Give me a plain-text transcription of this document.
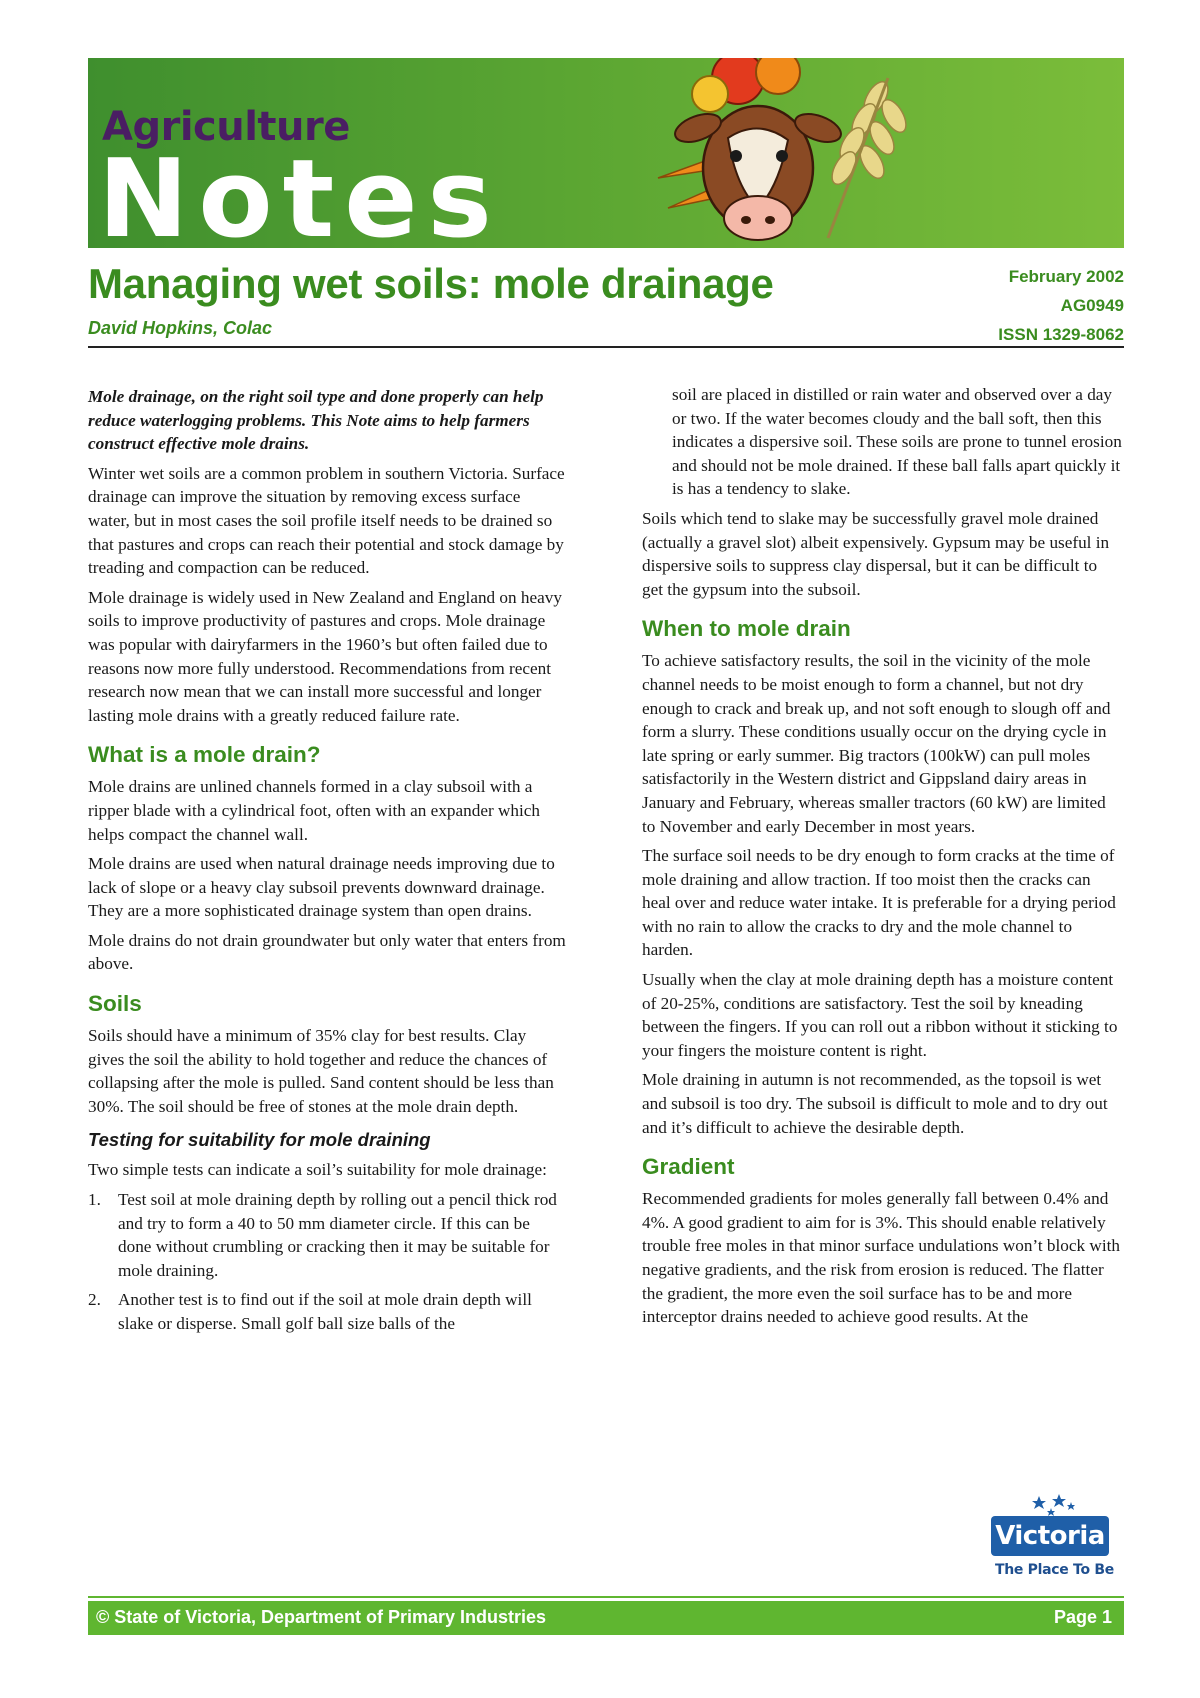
Agriculture
Notes
Managing wet soils: mole drainage
David Hopkins, Colac
February 2002
AG0949
ISSN 1329-8062

Mole drainage, on the right soil type and done properly can help reduce waterlogging problems. This Note aims to help farmers construct effective mole drains.

Winter wet soils are a common problem in southern Victoria. Surface drainage can improve the situation by removing excess surface water, but in most cases the soil profile itself needs to be drained so that pastures and crops can reach their potential and stock damage by treading and compaction can be reduced.

Mole drainage is widely used in New Zealand and England on heavy soils to improve productivity of pastures and crops. Mole drainage was popular with dairyfarmers in the 1960’s but often failed due to reasons now more fully understood. Recommendations from recent research now mean that we can install more successful and longer lasting mole drains with a greatly reduced failure rate.

What is a mole drain?

Mole drains are unlined channels formed in a clay subsoil with a ripper blade with a cylindrical foot, often with an expander which helps compact the channel wall.

Mole drains are used when natural drainage needs improving due to lack of slope or a heavy clay subsoil prevents downward drainage. They are a more sophisticated drainage system than open drains.

Mole drains do not drain groundwater but only water that enters from above.

Soils

Soils should have a minimum of 35% clay for best results. Clay gives the soil the ability to hold together and reduce the chances of collapsing after the mole is pulled. Sand content should be less than 30%. The soil should be free of stones at the mole drain depth.

Testing for suitability for mole draining

Two simple tests can indicate a soil’s suitability for mole drainage:

1. Test soil at mole draining depth by rolling out a pencil thick rod and try to form a 40 to 50 mm diameter circle. If this can be done without crumbling or cracking then it may be suitable for mole draining.
2. Another test is to find out if the soil at mole drain depth will slake or disperse. Small golf ball size balls of the

soil are placed in distilled or rain water and observed over a day or two. If the water becomes cloudy and the ball soft, then this indicates a dispersive soil. These soils are prone to tunnel erosion and should not be mole drained. If these ball falls apart quickly it is has a tendency to slake.

Soils which tend to slake may be successfully gravel mole drained (actually a gravel slot) albeit expensively. Gypsum may be useful in dispersive soils to suppress clay dispersal, but it can be difficult to get the gypsum into the subsoil.

When to mole drain

To achieve satisfactory results, the soil in the vicinity of the mole channel needs to be moist enough to form a channel, but not dry enough to crack and break up, and not soft enough to slough off and form a slurry. These conditions usually occur on the drying cycle in late spring or early summer. Big tractors (100kW) can pull moles satisfactorily in the Western district and Gippsland dairy areas in January and February, whereas smaller tractors (60 kW) are limited to November and early December in most years.

The surface soil needs to be dry enough to form cracks at the time of mole draining and allow traction. If too moist then the cracks can heal over and reduce water intake. It is preferable for a drying period with no rain to allow the cracks to dry and the mole channel to harden.

Usually when the clay at mole draining depth has a moisture content of 20-25%, conditions are satisfactory. Test the soil by kneading between the fingers. If you can roll out a ribbon without it sticking to your fingers the moisture content is right.

Mole draining in autumn is not recommended, as the topsoil is wet and subsoil is too dry. The subsoil is difficult to mole and to dry out and it’s difficult to achieve the desirable depth.

Gradient

Recommended gradients for moles generally fall between 0.4% and 4%. A good gradient to aim for is 3%. This should enable relatively trouble free moles in that minor surface undulations won’t block with negative gradients, and the risk from erosion is reduced. The flatter the gradient, the more even the soil surface has to be and more interceptor drains needed to achieve good results. At the

Victoria
The Place To Be
© State of Victoria, Department of Primary Industries	Page 1
